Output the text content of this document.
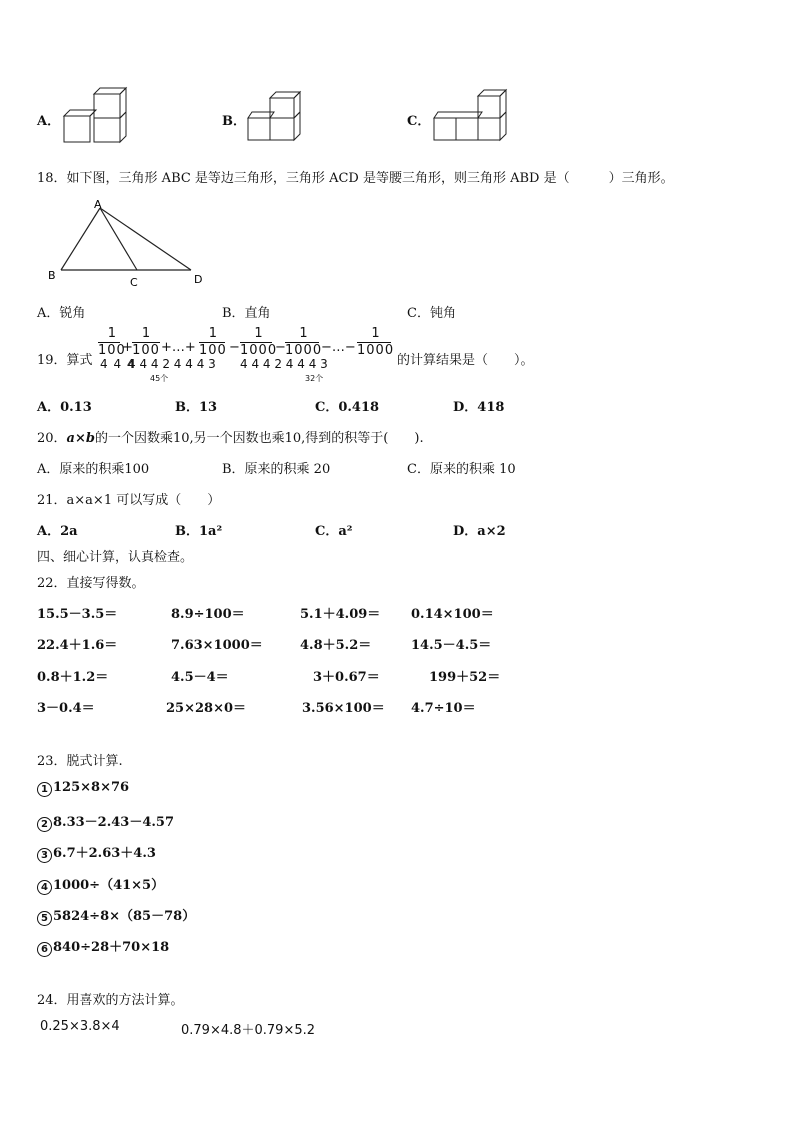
A．	B．	C．
18．如下图，三角形 ABC 是等边三角形，三角形 ACD 是等腰三角形，则三角形 ABD 是（　　　）三角形。
A
B
C	D
A．锐角	B．直角	C．钝角
19．算式
1
100
+
1
100 +…+
1
100 −
1
1000
−
1
1000
−…−
1
1000
4 4 4
4 4 4 2 4 4 4 3 4 4 4 2 4 4 4 3
45个	32个
的计算结果是（　　）。
A．0.13	B．13	C．0.418	D．418
20．a×b的一个因数乘10,另一个因数也乘10,得到的积等于(　　).
A．原来的积乘100	B．原来的积乘 20	C．原来的积乘 10
21．a×a×1 可以写成（　　）
A．2a	B．1a²	C．a²	D．a×2
四、细心计算，认真检查。
22．直接写得数。
15.5－3.5＝	8.9÷100＝	5.1＋4.09＝ 0.14×100＝
22.4＋1.6＝	7.63×1000＝	4.8＋5.2＝	14.5－4.5＝
0.8＋1.2＝	4.5－4＝	3＋0.67＝	199＋52＝
3－0.4＝	25×28×0＝	3.56×100＝ 4.7÷10＝
23．脱式计算.
1 125×8×76
2 8.33－2.43－4.57
3 6.7＋2.63＋4.3
4 1000÷（41×5）
5 5824÷8×（85－78）
6 840÷28＋70×18
24．用喜欢的方法计算。
0.25×3.8×4	0.79×4.8＋0.79×5.2
